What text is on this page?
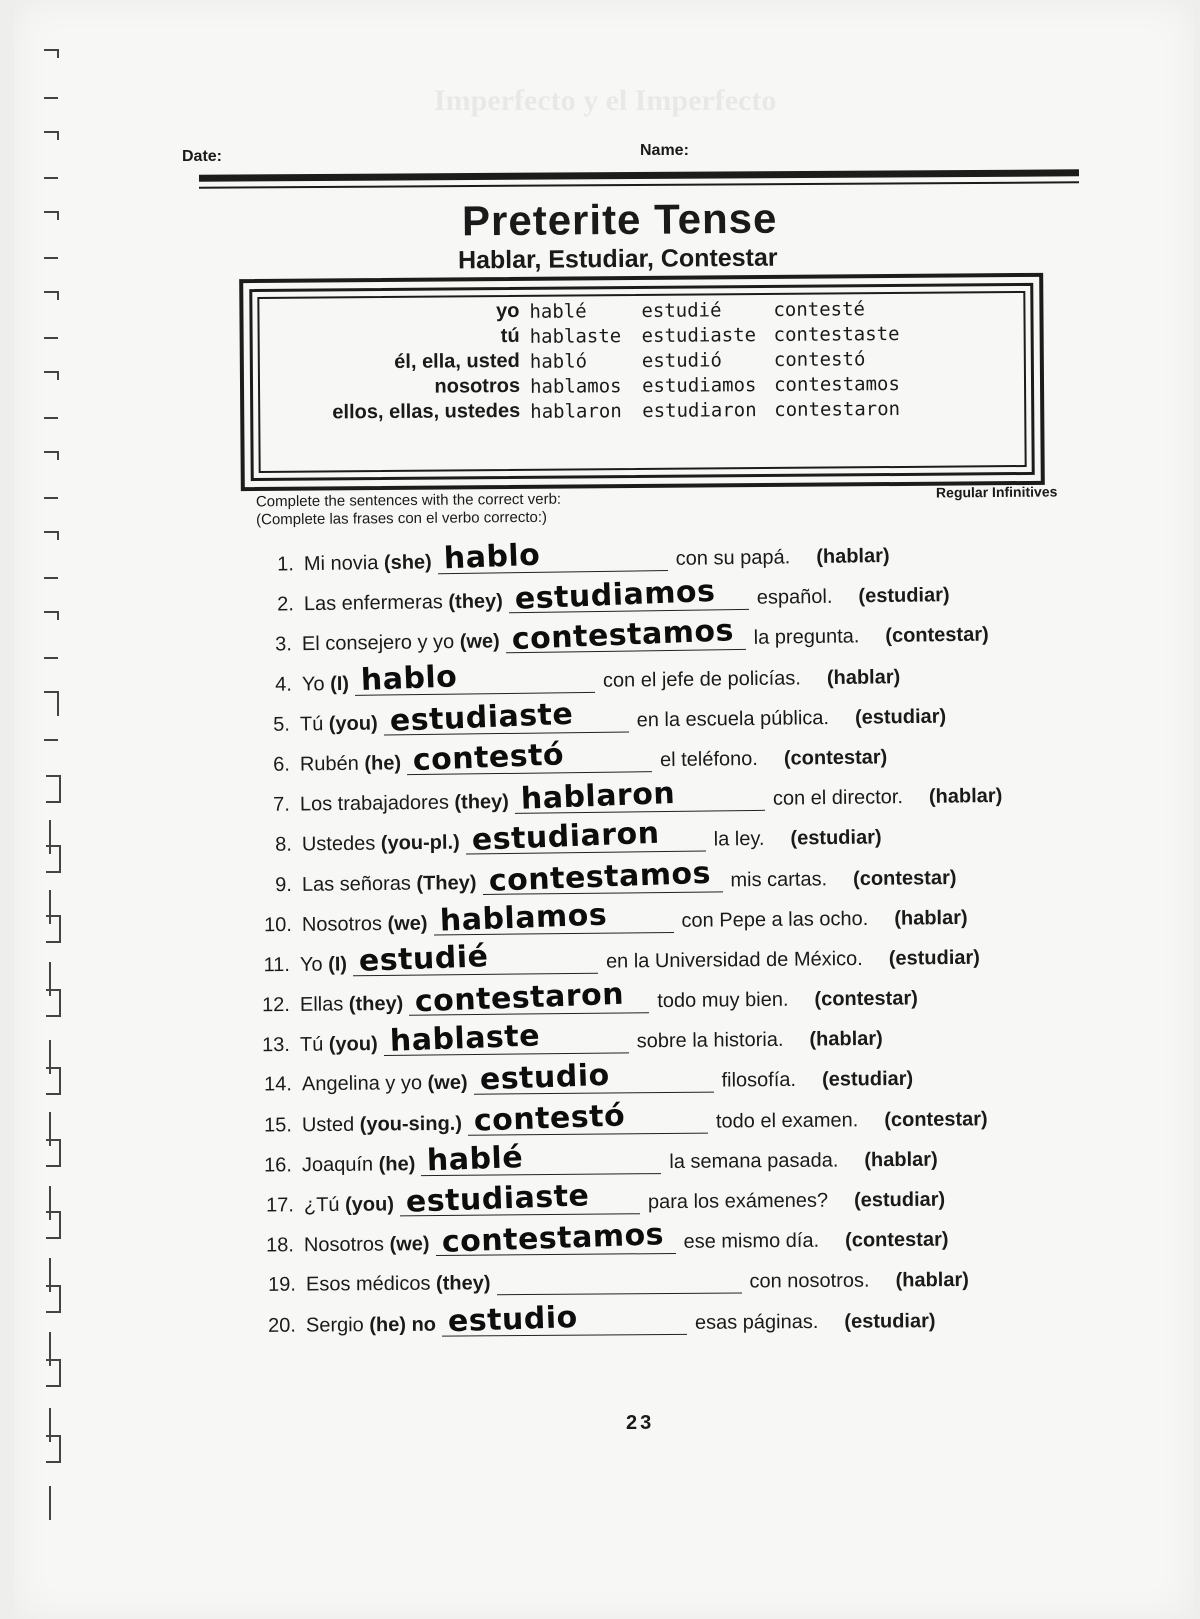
Imperfecto y el Imperfecto
Date:	Name:
Preterite Tense
Hablar, Estudiar, Contestar
yo hablé	estudié	contesté
tú hablaste	estudiaste contestaste
él, ella, usted habló	estudió	contestó
nosotros hablamos	estudiamos contestamos
ellos, ellas, ustedes hablaron	estudiaron contestaron
Complete the sentences with the correct verb:
(Complete las frases con el verbo correcto:)
Regular Infinitives
1. Mi novia (she) hablo	con su papá. (hablar)
2. Las enfermeras (they) estudiamos español. (estudiar)
3. El consejero y yo (we) contestamos la pregunta. (contestar)
4. Yo (I) hablo	con el jefe de policías. (hablar)
5. Tú (you) estudiaste	en la escuela pública. (estudiar)
6. Rubén (he) contestó	el teléfono. (contestar)
7. Los trabajadores (they) hablaron	con el director. (hablar)
8. Ustedes (you-pl.) estudiaron	la ley. (estudiar)
9. Las señoras (They) contestamos mis cartas. (contestar)
10. Nosotros (we) hablamos	con Pepe a las ocho. (hablar)
11. Yo (I) estudié	en la Universidad de México. (estudiar)
12. Ellas (they) contestaron todo muy bien. (contestar)
13. Tú (you) hablaste	sobre la historia. (hablar)
14. Angelina y yo (we) estudio	filosofía. (estudiar)
15. Usted (you-sing.) contestó	todo el examen. (contestar)
16. Joaquín (he) hablé	la semana pasada. (hablar)
17. ¿Tú (you) estudiaste	para los exámenes? (estudiar)
18. Nosotros (we) contestamos ese mismo día. (contestar)
19. Esos médicos (they)	con nosotros. (hablar)
20. Sergio (he) no estudio	esas páginas. (estudiar)
23
